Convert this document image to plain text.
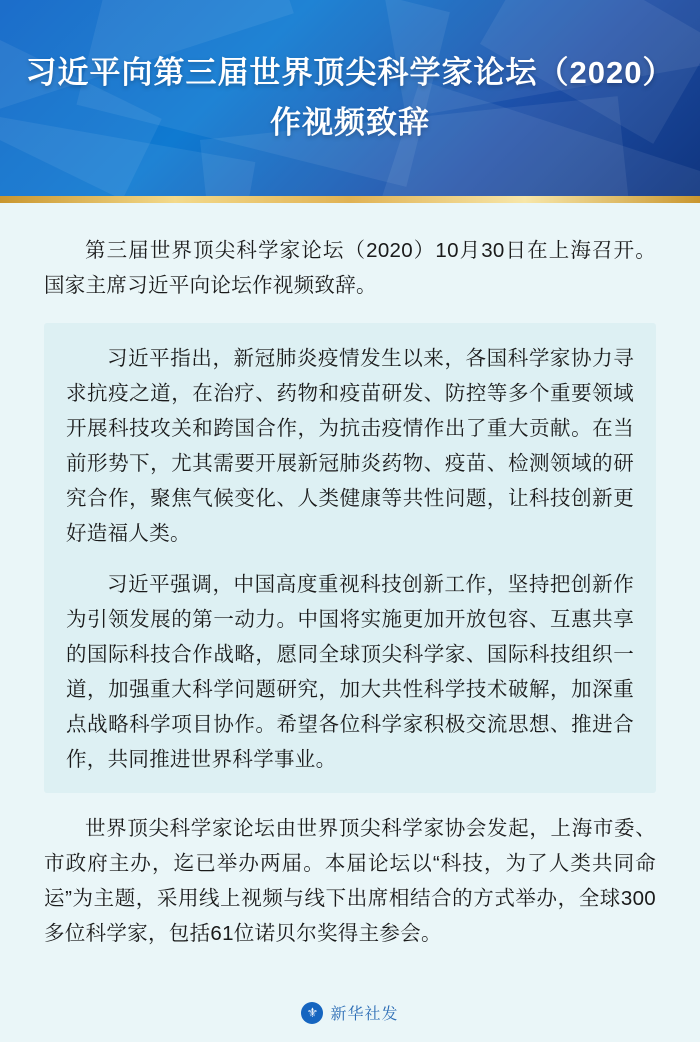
习近平向第三届世界顶尖科学家论坛（2020）
作视频致辞

第三届世界顶尖科学家论坛（2020）10月30日在上海召开。国家主席习近平向论坛作视频致辞。

习近平指出，新冠肺炎疫情发生以来，各国科学家协力寻求抗疫之道，在治疗、药物和疫苗研发、防控等多个重要领域开展科技攻关和跨国合作，为抗击疫情作出了重大贡献。在当前形势下，尤其需要开展新冠肺炎药物、疫苗、检测领域的研究合作，聚焦气候变化、人类健康等共性问题，让科技创新更好造福人类。

习近平强调，中国高度重视科技创新工作，坚持把创新作为引领发展的第一动力。中国将实施更加开放包容、互惠共享的国际科技合作战略，愿同全球顶尖科学家、国际科技组织一道，加强重大科学问题研究，加大共性科学技术破解，加深重点战略科学项目协作。希望各位科学家积极交流思想、推进合作，共同推进世界科学事业。

世界顶尖科学家论坛由世界顶尖科学家协会发起，上海市委、市政府主办，迄已举办两届。本届论坛以“科技，为了人类共同命运”为主题，采用线上视频与线下出席相结合的方式举办，全球300多位科学家，包括61位诺贝尔奖得主参会。

⚜ 新华社发
